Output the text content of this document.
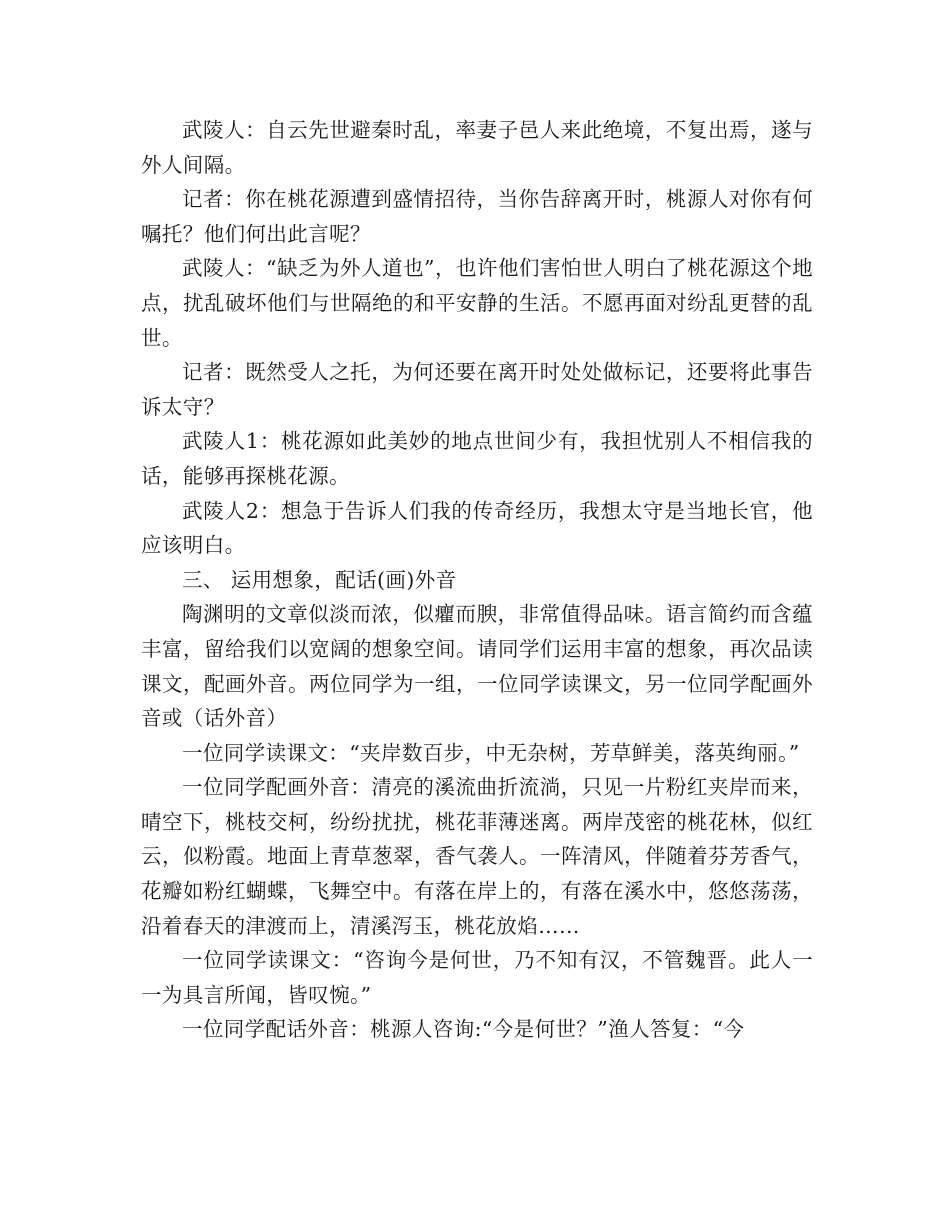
武陵人：自云先世避秦时乱，率妻子邑人来此绝境，不复出焉，遂与外人间隔。

记者：你在桃花源遭到盛情招待，当你告辞离开时，桃源人对你有何嘱托？他们何出此言呢？

武陵人：“缺乏为外人道也”，也许他们害怕世人明白了桃花源这个地点，扰乱破坏他们与世隔绝的和平安静的生活。不愿再面对纷乱更替的乱世。

记者：既然受人之托，为何还要在离开时处处做标记，还要将此事告诉太守？

武陵人1：桃花源如此美妙的地点世间少有，我担忧别人不相信我的话，能够再探桃花源。

武陵人2：想急于告诉人们我的传奇经历，我想太守是当地长官，他应该明白。

三、 运用想象，配话(画)外音

陶渊明的文章似淡而浓，似癯而腴，非常值得品味。语言简约而含蕴丰富，留给我们以宽阔的想象空间。请同学们运用丰富的想象，再次品读课文，配画外音。两位同学为一组，一位同学读课文，另一位同学配画外音或（话外音）

一位同学读课文：“夹岸数百步，中无杂树，芳草鲜美，落英绚丽。”

一位同学配画外音：清亮的溪流曲折流淌，只见一片粉红夹岸而来，晴空下，桃枝交柯，纷纷扰扰，桃花菲薄迷离。两岸茂密的桃花林，似红云，似粉霞。地面上青草葱翠，香气袭人。一阵清风，伴随着芬芳香气，花瓣如粉红蝴蝶，飞舞空中。有落在岸上的，有落在溪水中，悠悠荡荡，沿着春天的津渡而上，清溪泻玉，桃花放焰……

一位同学读课文：“咨询今是何世，乃不知有汉，不管魏晋。此人一一为具言所闻，皆叹惋。”

一位同学配话外音：桃源人咨询:“今是何世？”渔人答复：“今
